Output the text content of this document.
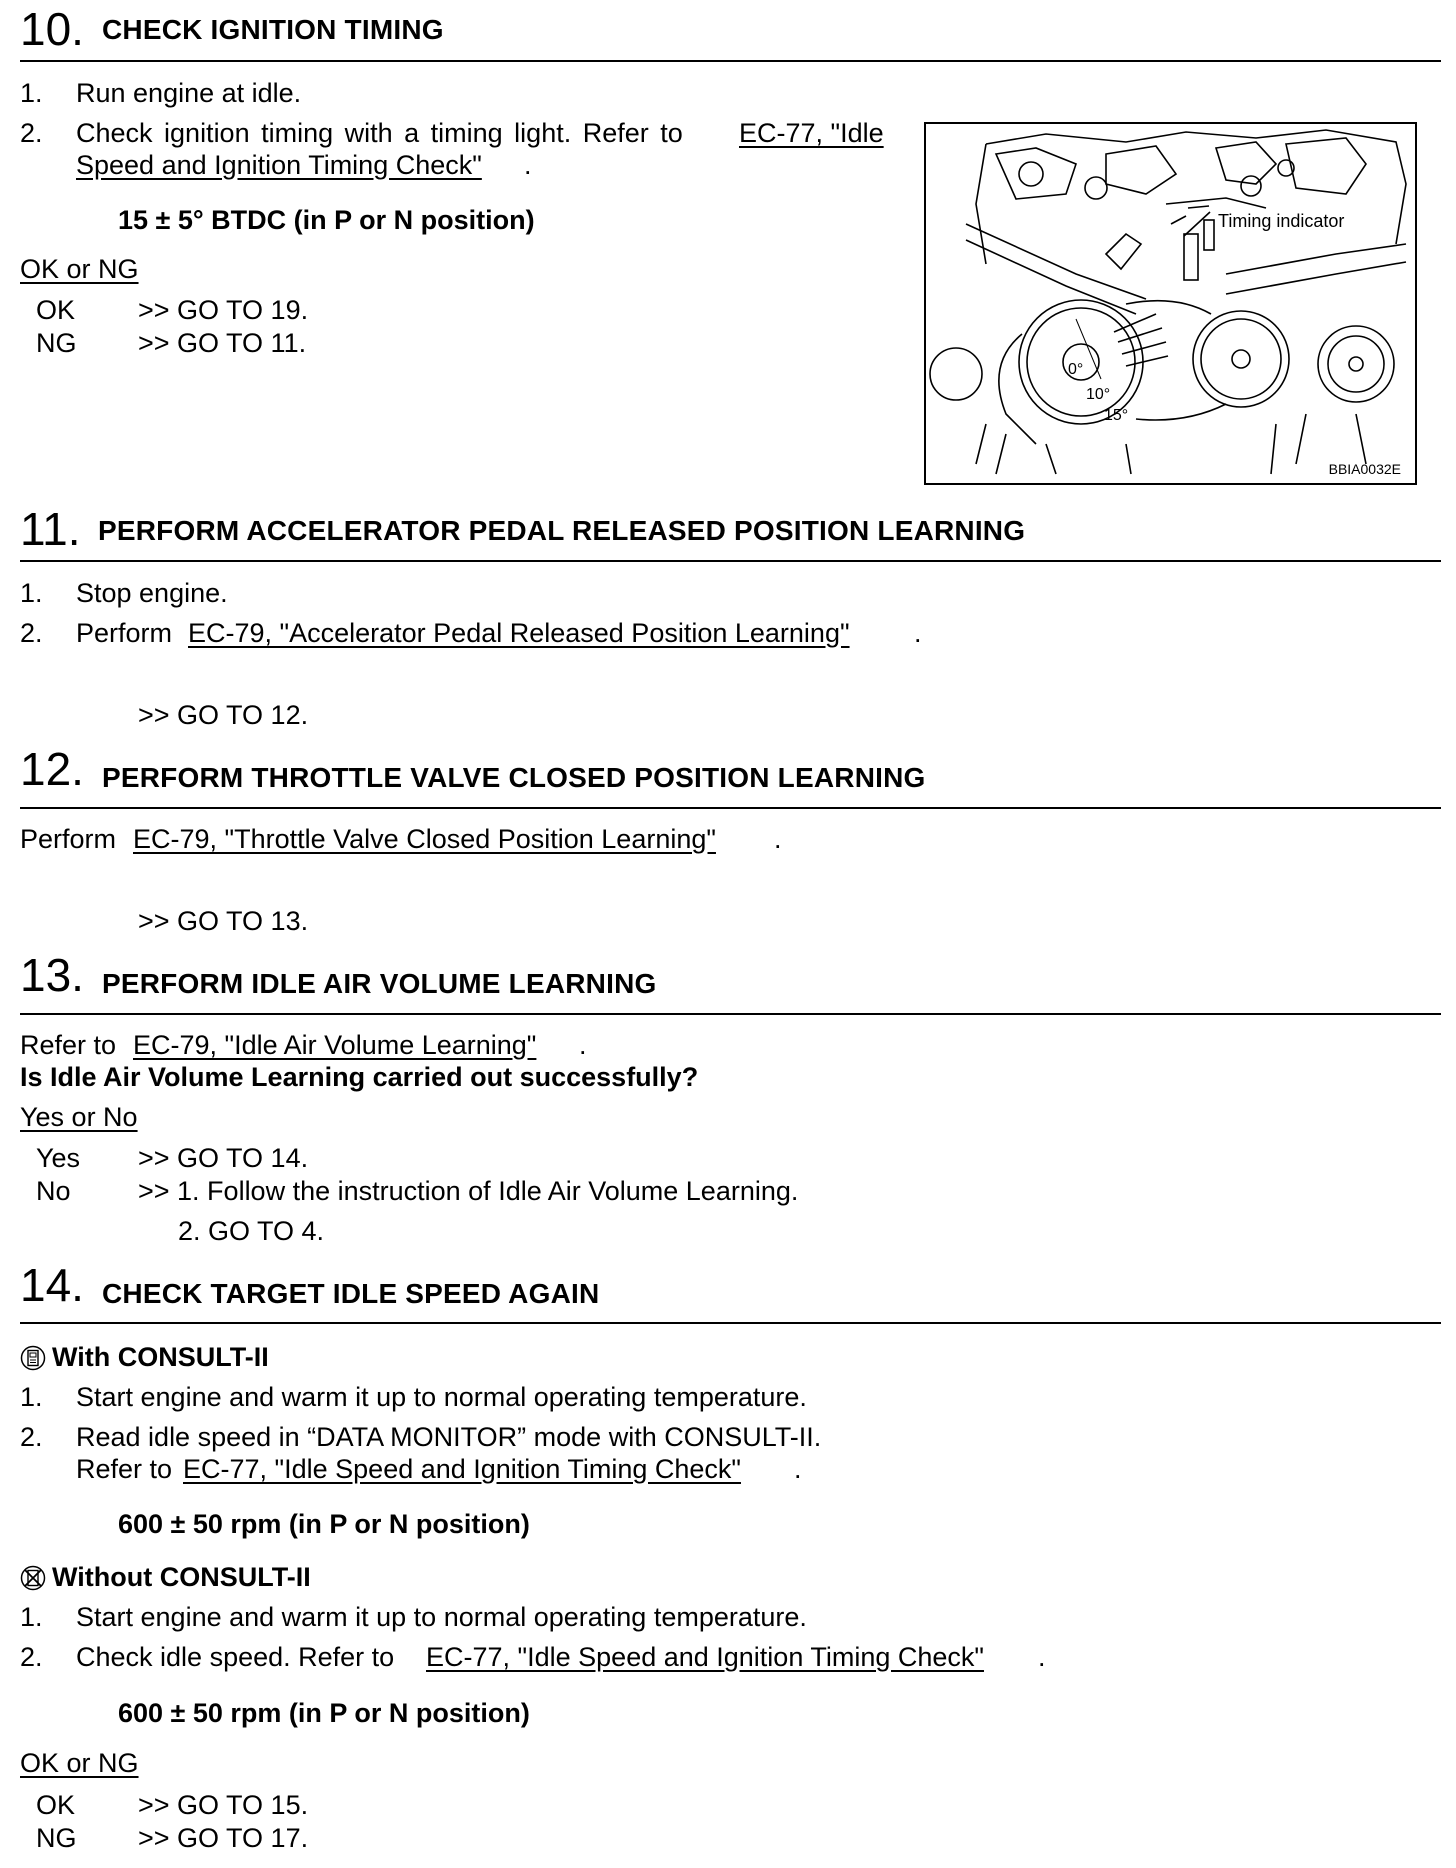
10. CHECK IGNITION TIMING
1. Run engine at idle.
2. Check ignition timing with a timing light. Refer to EC-77, "Idle
Speed and Ignition Timing Check" .
15 ± 5° BTDC (in P or N position)
OK or NG
OK >> GO TO 19.
NG >> GO TO 11.
0°
10°
15°
Timing indicator
BBIA0032E
11. PERFORM ACCELERATOR PEDAL RELEASED POSITION LEARNING
1. Stop engine.
2. Perform EC-79, "Accelerator Pedal Released Position Learning" .
>> GO TO 12.
12. PERFORM THROTTLE VALVE CLOSED POSITION LEARNING
Perform EC-79, "Throttle Valve Closed Position Learning" .
>> GO TO 13.
13. PERFORM IDLE AIR VOLUME LEARNING
Refer to EC-79, "Idle Air Volume Learning" .
Is Idle Air Volume Learning carried out successfully?
Yes or No
Yes >> GO TO 14.
No >> 1. Follow the instruction of Idle Air Volume Learning.
2. GO TO 4.
14. CHECK TARGET IDLE SPEED AGAIN
With CONSULT-II
1. Start engine and warm it up to normal operating temperature.
2. Read idle speed in “DATA MONITOR” mode with CONSULT-II.
Refer to EC-77, "Idle Speed and Ignition Timing Check" .
600 ± 50 rpm (in P or N position)
Without CONSULT-II
1. Start engine and warm it up to normal operating temperature.
2. Check idle speed. Refer to EC-77, "Idle Speed and Ignition Timing Check" .
600 ± 50 rpm (in P or N position)
OK or NG
OK >> GO TO 15.
NG >> GO TO 17.
